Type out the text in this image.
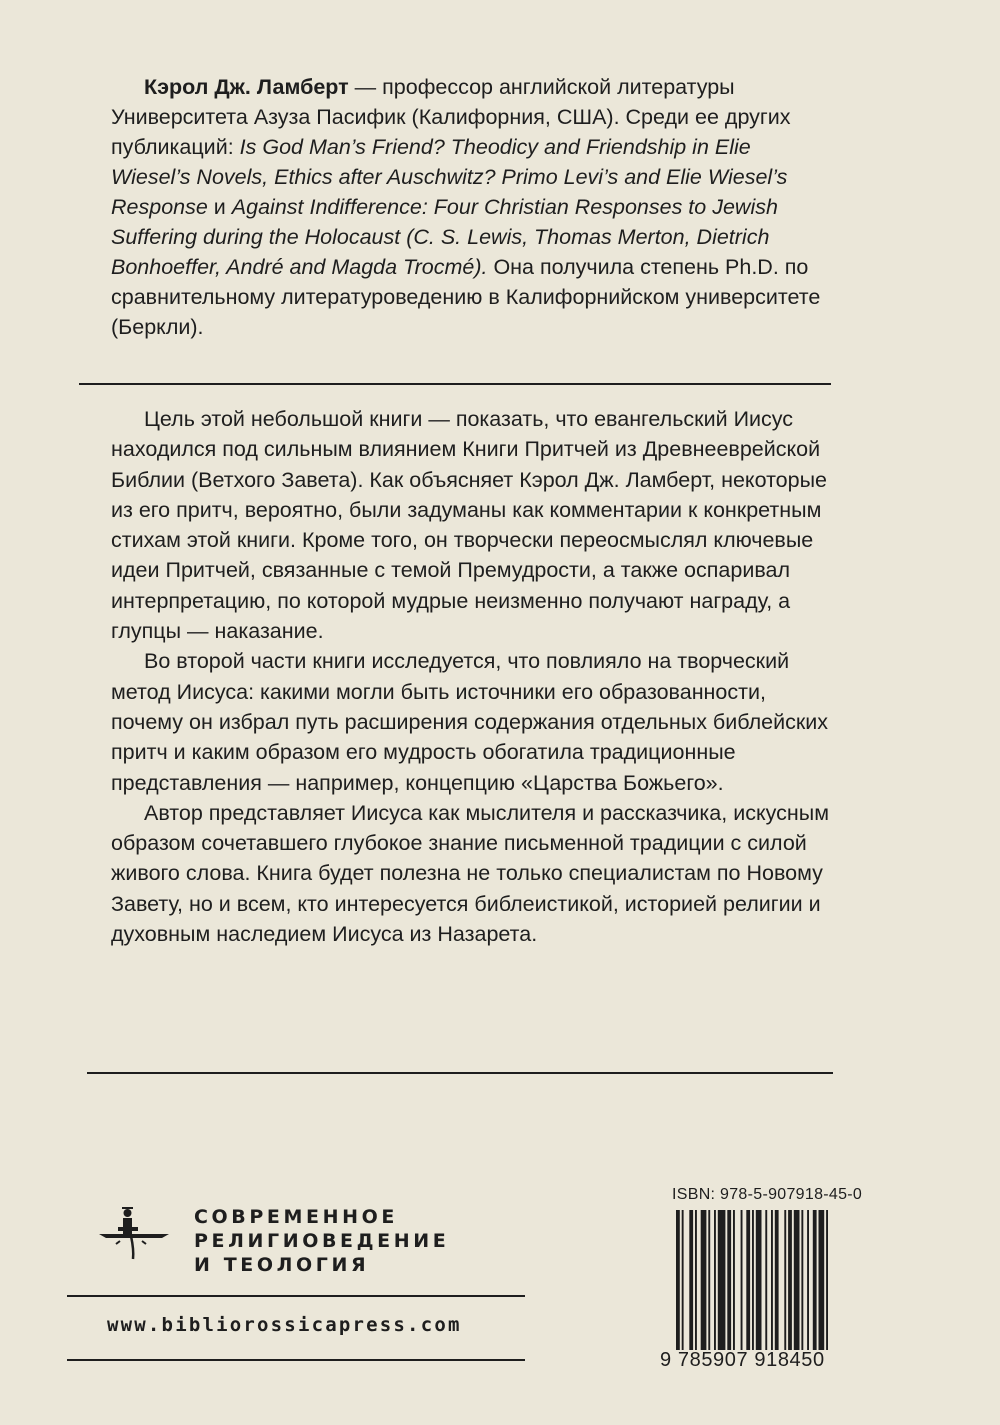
Кэрол Дж. Ламберт — профессор английской литературы Университета Азуза Пасифик (Калифорния, США). Среди ее других публикаций: Is God Man’s Friend? Theodicy and Friendship in Elie Wiesel’s Novels, Ethics after Auschwitz? Primo Levi’s and Elie Wiesel’s Response и Against Indifference: Four Christian Responses to Jewish Suffering during the Holocaust (C. S. Lewis, Thomas Merton, Dietrich Bonhoeffer, André and Magda Trocmé). Она получила степень Ph.D. по сравнительному литературоведению в Калифорнийском университете (Беркли).

Цель этой небольшой книги — показать, что евангельский Иисус находился под сильным влиянием Книги Притчей из Древнееврейской Библии (Ветхого Завета). Как объясняет Кэрол Дж. Ламберт, некоторые из его притч, вероятно, были задуманы как комментарии к конкретным стихам этой книги. Кроме того, он творчески переосмыслял ключевые идеи Притчей, связанные с темой Премудрости, а также оспаривал интерпретацию, по которой мудрые неизменно получают награду, а глупцы — наказание.

Во второй части книги исследуется, что повлияло на творческий метод Иисуса: какими могли быть источники его образованности, почему он избрал путь расширения содержания отдельных библейских притч и каким образом его мудрость обогатила традиционные представления — например, концепцию «Царства Божьего».

Автор представляет Иисуса как мыслителя и рассказчика, искусным образом сочетавшего глубокое знание письменной традиции с силой живого слова. Книга будет полезна не только специалистам по Новому Завету, но и всем, кто интересуется библеистикой, историей религии и духовным наследием Иисуса из Назарета.

СОВРЕМЕННОЕ
РЕЛИГИОВЕДЕНИЕ
И ТЕОЛОГИЯ
www.bibliorossicapress.com
ISBN: 978-5-907918-45-0
9 785907 918450
